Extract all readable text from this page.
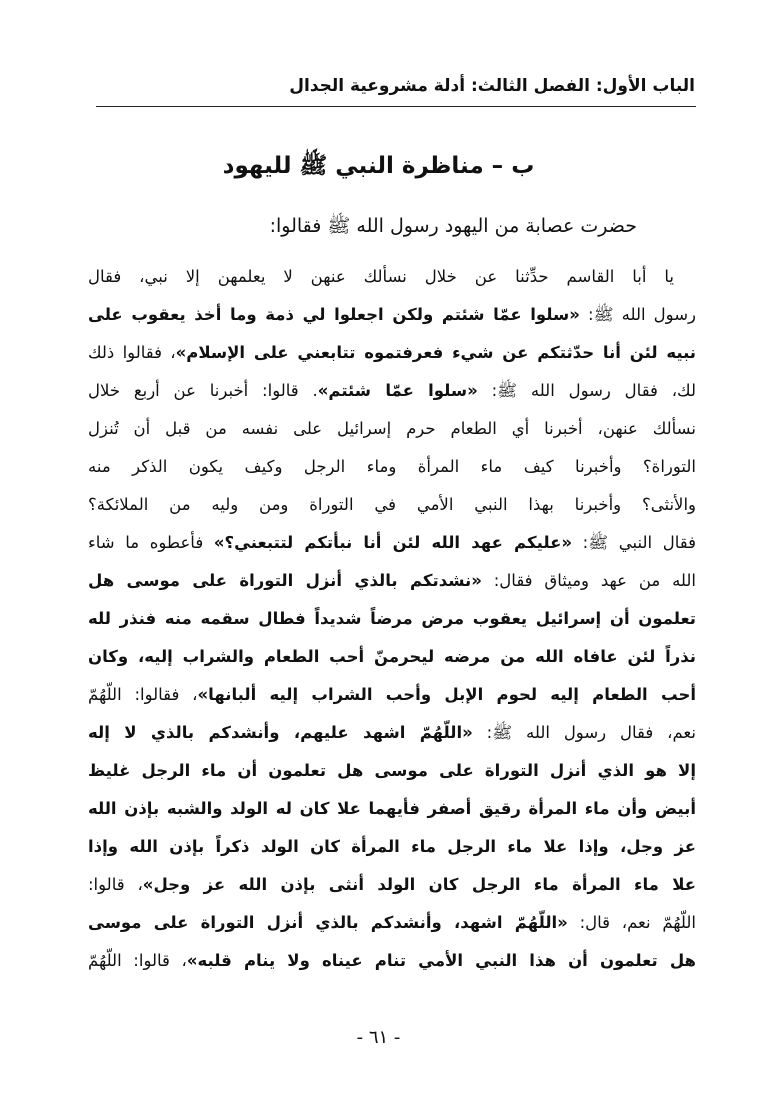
الباب الأول: الفصل الثالث: أدلة مشروعية الجدال
ب – مناظرة النبي ﷺ لليهود
حضرت عصابة من اليهود رسول الله ﷺ فقالوا:
يا أبا القاسم حدِّثنا عن خلال نسألك عنهن لا يعلمهن إلا نبي، فقال
رسول الله ﷺ: «سلوا عمّا شئتم ولكن اجعلوا لي ذمة وما أخذ يعقوب على
نبيه لئن أنا حدّثتكم عن شيء فعرفتموه تتابعني على الإسلام»، فقالوا ذلك
لك، فقال رسول الله ﷺ: «سلوا عمّا شئتم». قالوا: أخبرنا عن أربع خلال
نسألك عنهن، أخبرنا أي الطعام حرم إسرائيل على نفسه من قبل أن تُنزل
التوراة؟ وأخبرنا كيف ماء المرأة وماء الرجل وكيف يكون الذكر منه
والأنثى؟ وأخبرنا بهذا النبي الأمي في التوراة ومن وليه من الملائكة؟
فقال النبي ﷺ: «عليكم عهد الله لئن أنا نبأتكم لتتبعني؟» فأعطوه ما شاء
الله من عهد وميثاق فقال: «نشدتكم بالذي أنزل التوراة على موسى هل
تعلمون أن إسرائيل يعقوب مرض مرضاً شديداً فطال سقمه منه فنذر لله
نذراً لئن عافاه الله من مرضه ليحرمنّ أحب الطعام والشراب إليه، وكان
أحب الطعام إليه لحوم الإبل وأحب الشراب إليه ألبانها»، فقالوا: اللّهُمّ
نعم، فقال رسول الله ﷺ: «اللّهُمّ اشهد عليهم، وأنشدكم بالذي لا إله
إلا هو الذي أنزل التوراة على موسى هل تعلمون أن ماء الرجل غليظ
أبيض وأن ماء المرأة رقيق أصفر فأيهما علا كان له الولد والشبه بإذن الله
عز وجل، وإذا علا ماء الرجل ماء المرأة كان الولد ذكراً بإذن الله وإذا
علا ماء المرأة ماء الرجل كان الولد أنثى بإذن الله عز وجل»، قالوا:
اللّهُمّ نعم، قال: «اللّهُمّ اشهد، وأنشدكم بالذي أنزل التوراة على موسى
هل تعلمون أن هذا النبي الأمي تنام عيناه ولا ينام قلبه»، قالوا: اللّهُمّ
- ٦١ -
